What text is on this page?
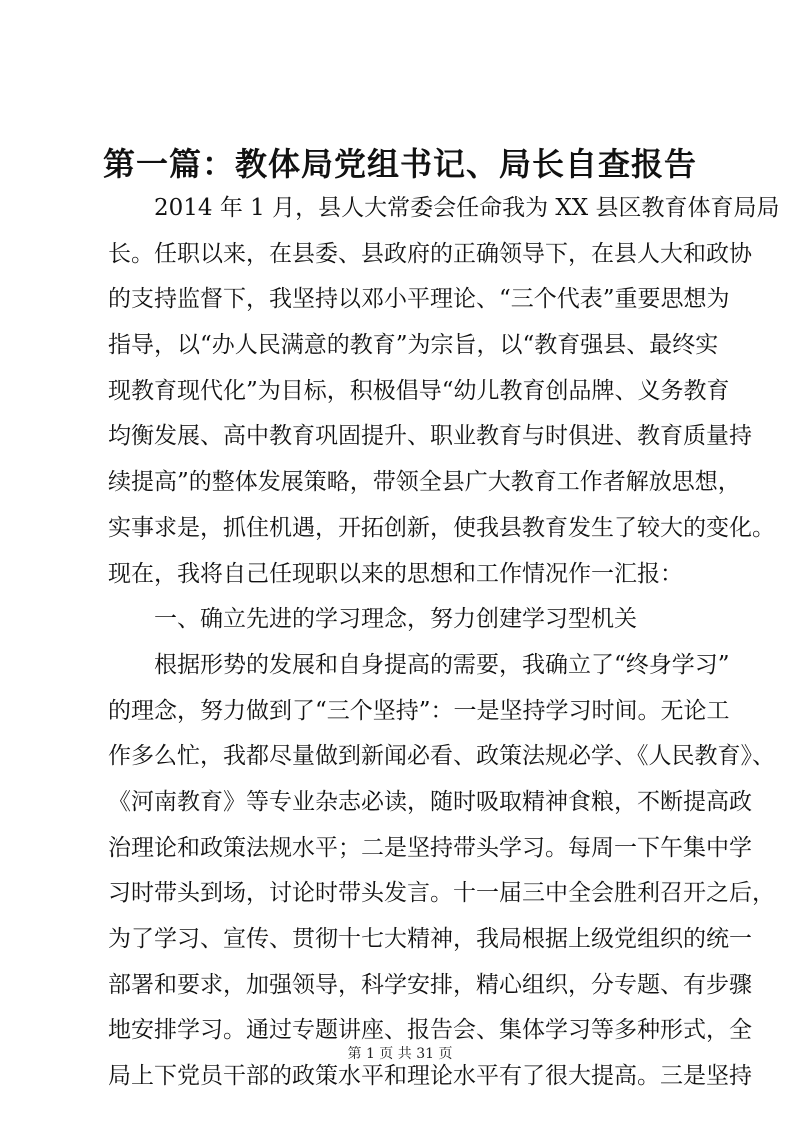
第一篇：教体局党组书记、局长自查报告
2014 年 1 月，县人大常委会任命我为 XX 县区教育体育局局
长。任职以来，在县委、县政府的正确领导下，在县人大和政协
的支持监督下，我坚持以邓小平理论、“三个代表”重要思想为
指导，以“办人民满意的教育”为宗旨，以“教育强县、最终实
现教育现代化”为目标，积极倡导“幼儿教育创品牌、义务教育
均衡发展、高中教育巩固提升、职业教育与时俱进、教育质量持
续提高”的整体发展策略，带领全县广大教育工作者解放思想，
实事求是，抓住机遇，开拓创新，使我县教育发生了较大的变化。
现在，我将自己任现职以来的思想和工作情况作一汇报：
一、确立先进的学习理念，努力创建学习型机关
根据形势的发展和自身提高的需要，我确立了“终身学习”
的理念，努力做到了“三个坚持”：一是坚持学习时间。无论工
作多么忙，我都尽量做到新闻必看、政策法规必学、《人民教育》、
《河南教育》等专业杂志必读，随时吸取精神食粮，不断提高政
治理论和政策法规水平；二是坚持带头学习。每周一下午集中学
习时带头到场，讨论时带头发言。十一届三中全会胜利召开之后，
为了学习、宣传、贯彻十七大精神，我局根据上级党组织的统一
部署和要求，加强领导，科学安排，精心组织，分专题、有步骤
地安排学习。通过专题讲座、报告会、集体学习等多种形式，全
局上下党员干部的政策水平和理论水平有了很大提高。三是坚持
第 1 页 共 31 页
